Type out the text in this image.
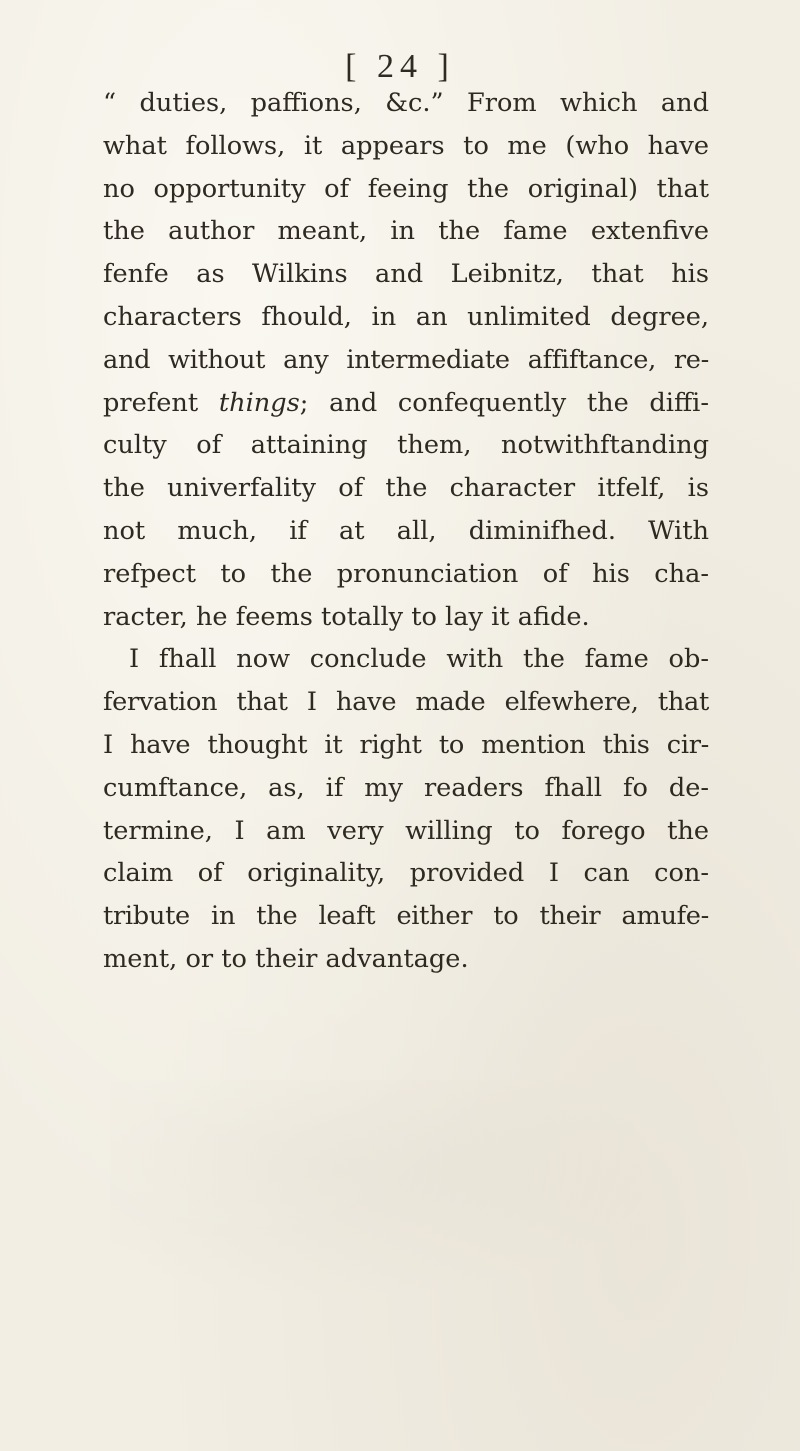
[ 24 ]
“ duties, paffions, &c.” From which and
what follows, it appears to me (who have
no opportunity of feeing the original) that
the author meant, in the fame extenfive
fenfe as Wilkins and Leibnitz, that his
characters fhould, in an unlimited degree,
and without any intermediate affiftance, re-
prefent things; and confequently the diffi-
culty of attaining them, notwithftanding
the univerfality of the character itfelf, is
not much, if at all, diminifhed. With
refpect to the pronunciation of his cha-
racter, he feems totally to lay it afide.
I fhall now conclude with the fame ob-
fervation that I have made elfewhere, that
I have thought it right to mention this cir-
cumftance, as, if my readers fhall fo de-
termine, I am very willing to forego the
claim of originality, provided I can con-
tribute in the leaft either to their amufe-
ment, or to their advantage.
